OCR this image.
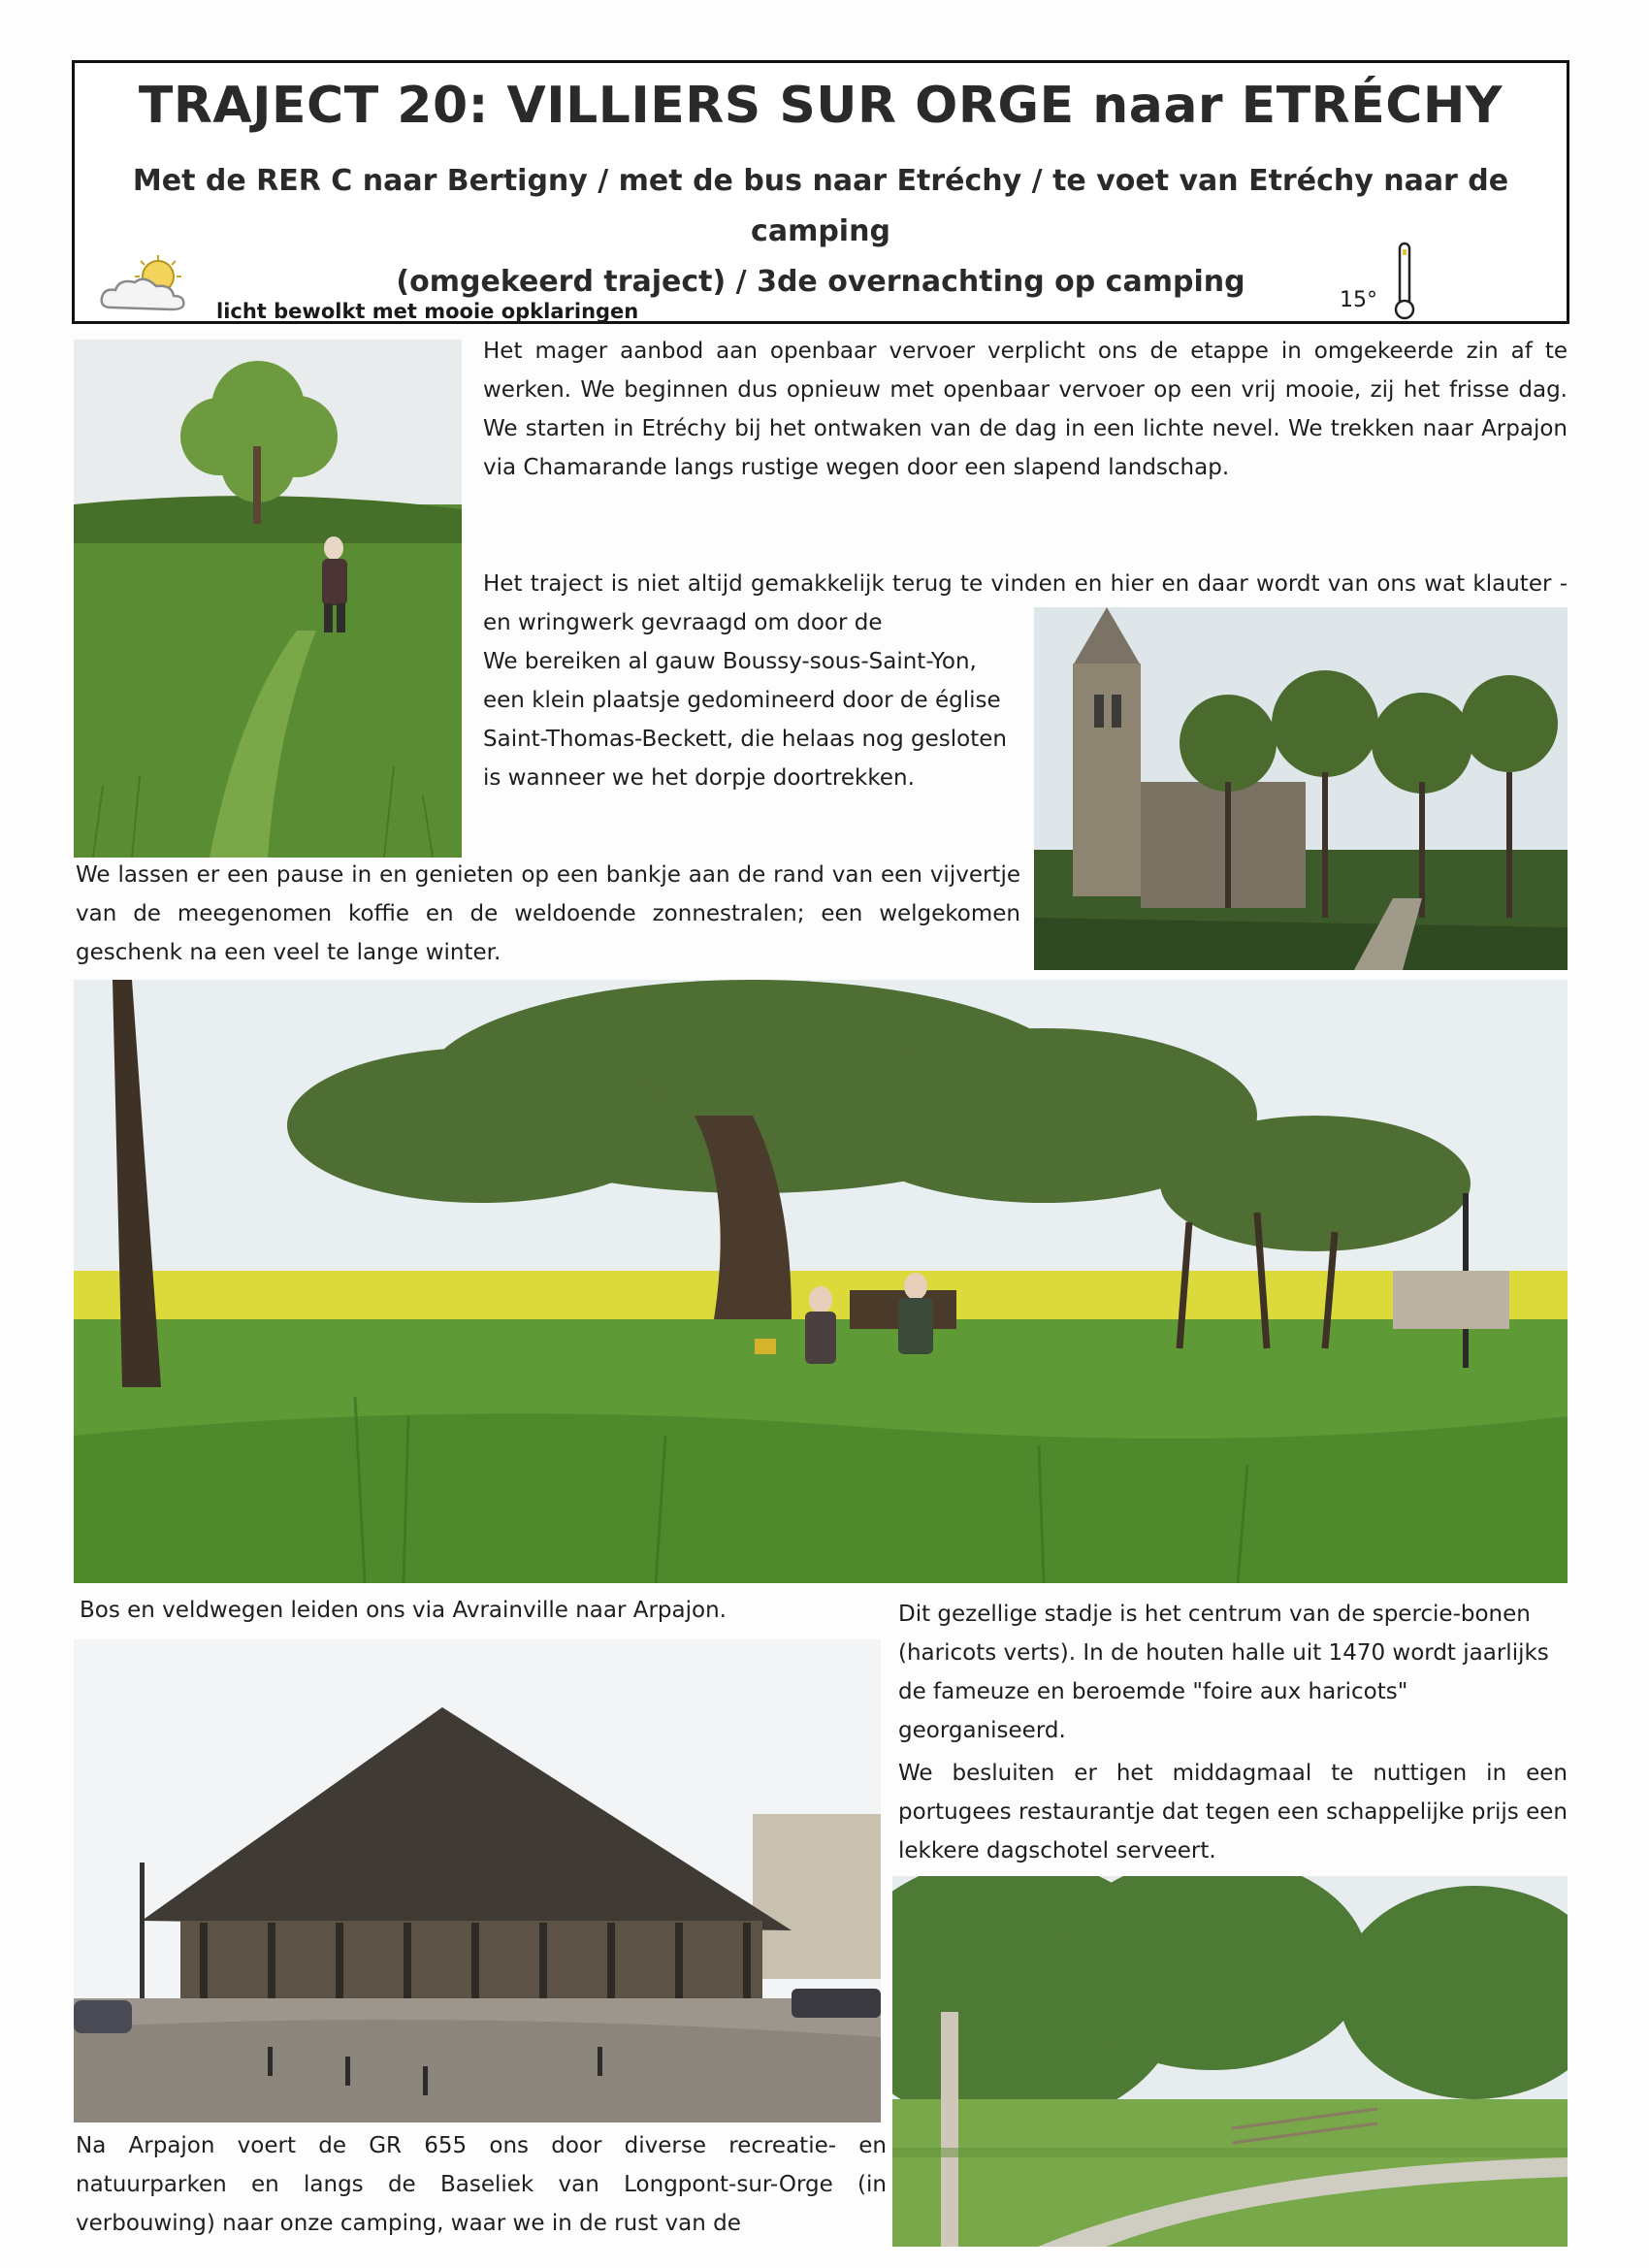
TRAJECT 20: VILLIERS SUR ORGE naar ETRÉCHY
Met de RER C naar Bertigny / met de bus naar Etréchy / te voet van Etréchy naar de camping
(omgekeerd traject) / 3de overnachting op camping
licht bewolkt met mooie opklaringen	15°
Het mager aanbod aan openbaar vervoer verplicht ons de etappe in omgekeerde zin af te werken. We beginnen dus opnieuw met openbaar vervoer op een vrij mooie, zij het frisse dag. We starten in Etréchy bij het ontwaken van de dag in een lichte nevel. We trekken naar Arpajon via Chamarande langs rustige wegen door een slapend landschap.
Het traject is niet altijd gemakkelijk terug te vinden en hier en daar wordt van ons wat klauter - en wringwerk gevraagd om door de
We bereiken al gauw Boussy-sous-Saint-Yon, een klein plaatsje gedomineerd door de église Saint-Thomas-Beckett, die helaas nog gesloten is wanneer we het dorpje doortrekken.
We lassen er een pause in en genieten op een bankje aan de rand van een vijvertje van de meegenomen koffie en de weldoende zonnestralen; een welgekomen geschenk na een veel te lange winter.
Bos en veldwegen leiden ons via Avrainville naar Arpajon.	Dit gezellige stadje is het centrum van de spercie-bonen (haricots verts). In de houten halle uit 1470 wordt jaarlijks de fameuze en beroemde "foire aux haricots" georganiseerd.
We besluiten er het middagmaal te nuttigen in een portugees restaurantje dat tegen een schappelijke prijs een lekkere dagschotel serveert.
Na Arpajon voert de GR 655 ons door diverse recreatie- en natuurparken en langs de Baseliek van Longpont-sur-Orge (in verbouwing) naar onze camping, waar we in de rust van de
